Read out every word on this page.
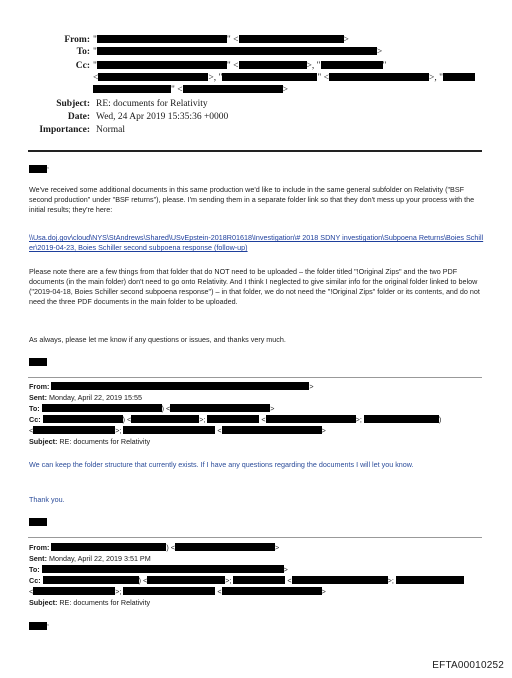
From: "	" <	>
To: "	>
Cc: "	" <	>, "	"
<	>, "	" <	>, "
" <	>
Subject: RE: documents for Relativity
Date: Wed, 24 Apr 2019 15:35:36 +0000
Importance: Normal
,
We've received some additional documents in this same production we'd like to include in the same general subfolder on Relativity ("BSF second production" under "BSF returns"), please. I'm sending them in a separate folder link so that they don't mess up your process with the initial results; they're here:
\\Usa.doj.gov\cloud\NYS\StAndrews\Shared\USvEpstein-2018R01618\Investigation\# 2018 SDNY investigation\Subpoena Returns\Boies Schiller\2019-04-23, Boies Schiller second subpoena response (follow-up)
Please note there are a few things from that folder that do NOT need to be uploaded – the folder titled "!Original Zips" and the two PDF documents (in the main folder) don't need to go onto Relativity. And I think I neglected to give similar info for the original folder linked to below ("2019-04-18, Boies Schiller second subpoena response") – in that folder, we do not need the "!Original Zips" folder or its contents, and do not need the three PDF documents in the main folder to be uploaded.
As always, please let me know if any questions or issues, and thanks very much.
From:	>
Sent: Monday, April 22, 2019 15:55
To:	) <	>
Cc:	) <	>;	<	>;	)
<	>;	<	>
Subject: RE: documents for Relativity
We can keep the folder structure that currently exists. If I have any questions regarding the documents I will let you know.
Thank you.
From:	) <	>
Sent: Monday, April 22, 2019 3:51 PM
To:	>
Cc:	) <	>;	<	>;
<	>;	<	>
Subject: RE: documents for Relativity
,
EFTA00010252
